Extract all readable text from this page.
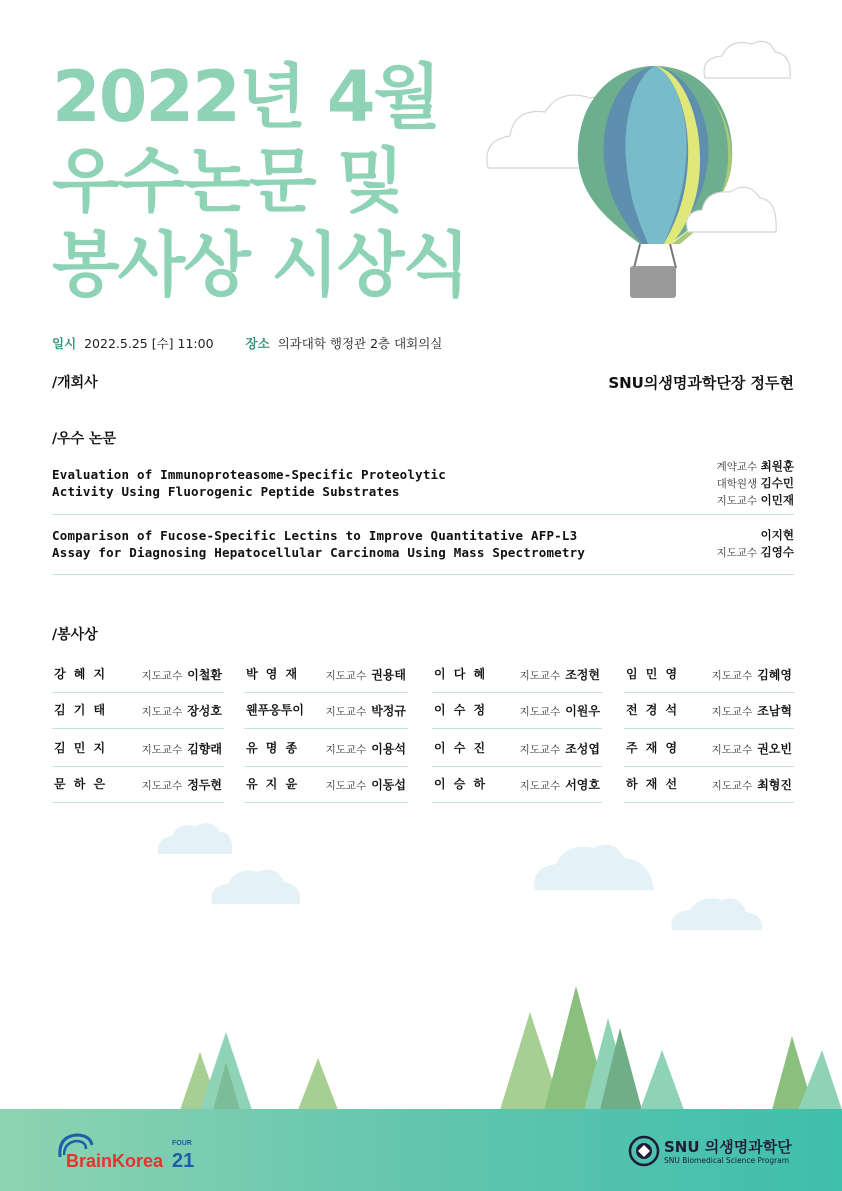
2022년 4월
우수논문 및
봉사상 시상식
일시 2022.5.25 [수] 11:00	장소 의과대학 행정관 2층 대회의실
/개회사	SNU의생명과학단장 정두현
/우수 논문
Evaluation of Immunoproteasome-Specific Proteolytic
Activity Using Fluorogenic Peptide Substrates
계약교수 최원훈
대학원생 김수민
지도교수 이민재
Comparison of Fucose-Specific Lectins to Improve Quantitative AFP-L3
Assay for Diagnosing Hepatocellular Carcinoma Using Mass Spectrometry
이지현
지도교수 김영수
/봉사상
강 혜 지	지도교수 이철환 박 영 재	지도교수 권용태 이 다 혜	지도교수 조정현 임 민 영	지도교수 김혜영
김 기 태	지도교수 장성호 웬푸옹투이 지도교수 박정규 이 수 정	지도교수 이원우 전 경 석	지도교수 조남혁
김 민 지	지도교수 김향래 유 명 종	지도교수 이용석 이 수 진	지도교수 조성엽 주 재 영	지도교수 권오빈
문 하 은	지도교수 정두현 유 지 윤	지도교수 이동섭 이 승 하	지도교수 서영호 하 재 선	지도교수 최형진
BrainKorea 21
FOUR	SNU 의생명과학단
SNU Biomedical Science Program
